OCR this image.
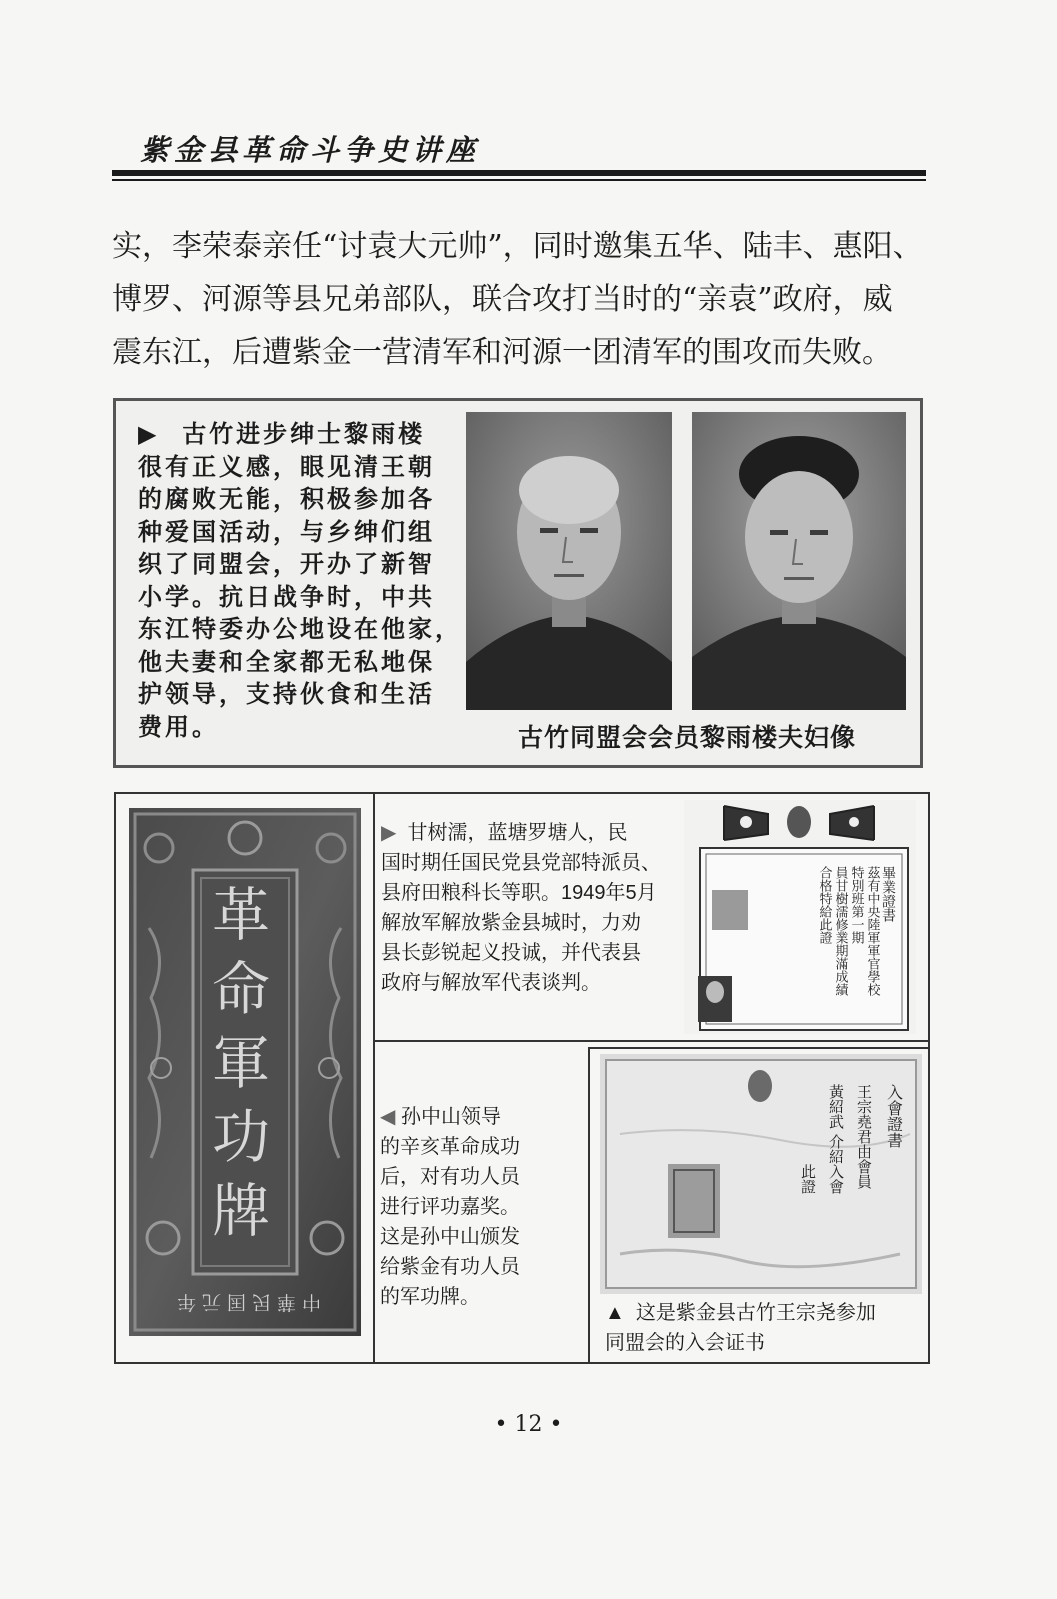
紫金县革命斗争史讲座

实，李荣泰亲任“讨袁大元帅”，同时邀集五华、陆丰、惠阳、

博罗、河源等县兄弟部队，联合攻打当时的“亲袁”政府，威

震东江，后遭紫金一营清军和河源一团清军的围攻而失败。

▶ 古竹进步绅士黎雨楼

很有正义感，眼见清王朝

的腐败无能，积极参加各

种爱国活动，与乡绅们组

织了同盟会，开办了新智

小学。抗日战争时，中共

东江特委办公地设在他家，

他夫妻和全家都无私地保

护领导，支持伙食和生活

费用。	古竹同盟会会员黎雨楼夫妇像
革
命
軍
功
牌
中華民国元年

▶ 甘树濡，蓝塘罗塘人，民

国时期任国民党县党部特派员、

县府田粮科长等职。1949年5月

解放军解放紫金县城时，力劝

县长彭锐起义投诚，并代表县

政府与解放军代表谈判。

畢業證書
茲有中央陸軍軍官學校
特別班第一期
員甘樹濡修業期滿成績
合格特給此證

◀ 孙中山领导

的辛亥革命成功

后，对有功人员

进行评功嘉奖。

这是孙中山颁发

给紫金有功人员

的军功牌。

入會證書
王宗堯君由會員
黃紹武 介紹入會
此證

▲ 这是紫金县古竹王宗尧参加

同盟会的入会证书

• 12 •
